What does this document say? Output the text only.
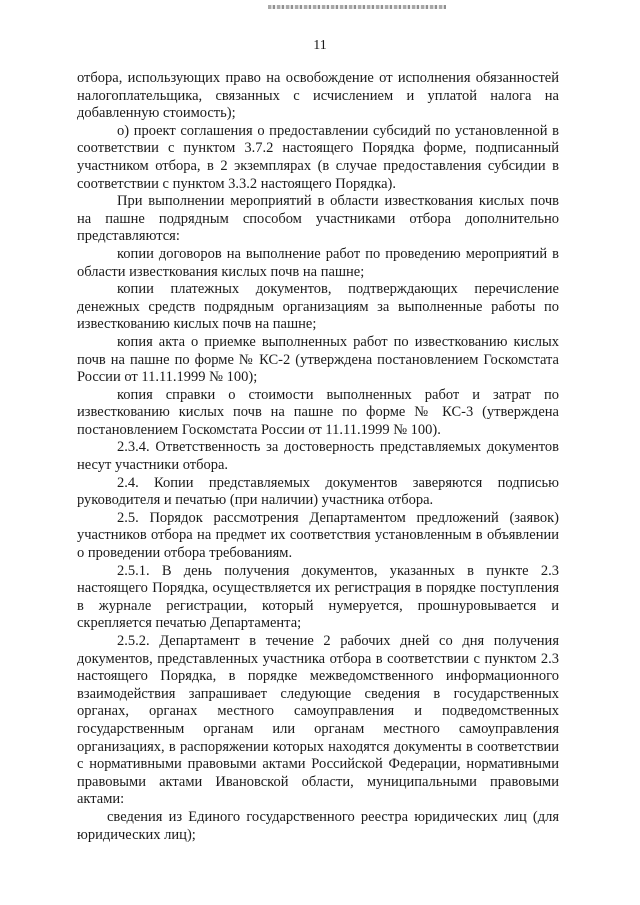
11

отбора, использующих право на освобождение от исполнения обязанностей налогоплательщика, связанных с исчислением и уплатой налога на добавленную стоимость);

о) проект соглашения о предоставлении субсидий по установленной в соответствии с пунктом 3.7.2 настоящего Порядка форме, подписанный участником отбора, в 2 экземплярах (в случае предоставления субсидии в соответствии с пунктом 3.3.2 настоящего Порядка).

При выполнении мероприятий в области известкования кислых почв на пашне подрядным способом участниками отбора дополнительно представляются:

копии договоров на выполнение работ по проведению мероприятий в области известкования кислых почв на пашне;

копии платежных документов, подтверждающих перечисление денежных средств подрядным организациям за выполненные работы по известкованию кислых почв на пашне;

копия акта о приемке выполненных работ по известкованию кислых почв на пашне по форме № КС-2 (утверждена постановлением Госкомстата России от 11.11.1999 № 100);

копия справки о стоимости выполненных работ и затрат по известкованию кислых почв на пашне по форме № КС-3 (утверждена постановлением Госкомстата России от 11.11.1999 № 100).

2.3.4. Ответственность за достоверность представляемых документов несут участники отбора.

2.4. Копии представляемых документов заверяются подписью руководителя и печатью (при наличии) участника отбора.

2.5. Порядок рассмотрения Департаментом предложений (заявок) участников отбора на предмет их соответствия установленным в объявлении о проведении отбора требованиям.

2.5.1. В день получения документов, указанных в пункте 2.3 настоящего Порядка, осуществляется их регистрация в порядке поступления в журнале регистрации, который нумеруется, прошнуровывается и скрепляется печатью Департамента;

2.5.2. Департамент в течение 2 рабочих дней со дня получения документов, представленных участника отбора в соответствии с пунктом 2.3 настоящего Порядка, в порядке межведомственного информационного взаимодействия запрашивает следующие сведения в государственных органах, органах местного самоуправления и подведомственных государственным органам или органам местного самоуправления организациях, в распоряжении которых находятся документы в соответствии с нормативными правовыми актами Российской Федерации, нормативными правовыми актами Ивановской области, муниципальными правовыми актами:

сведения из Единого государственного реестра юридических лиц (для юридических лиц);
